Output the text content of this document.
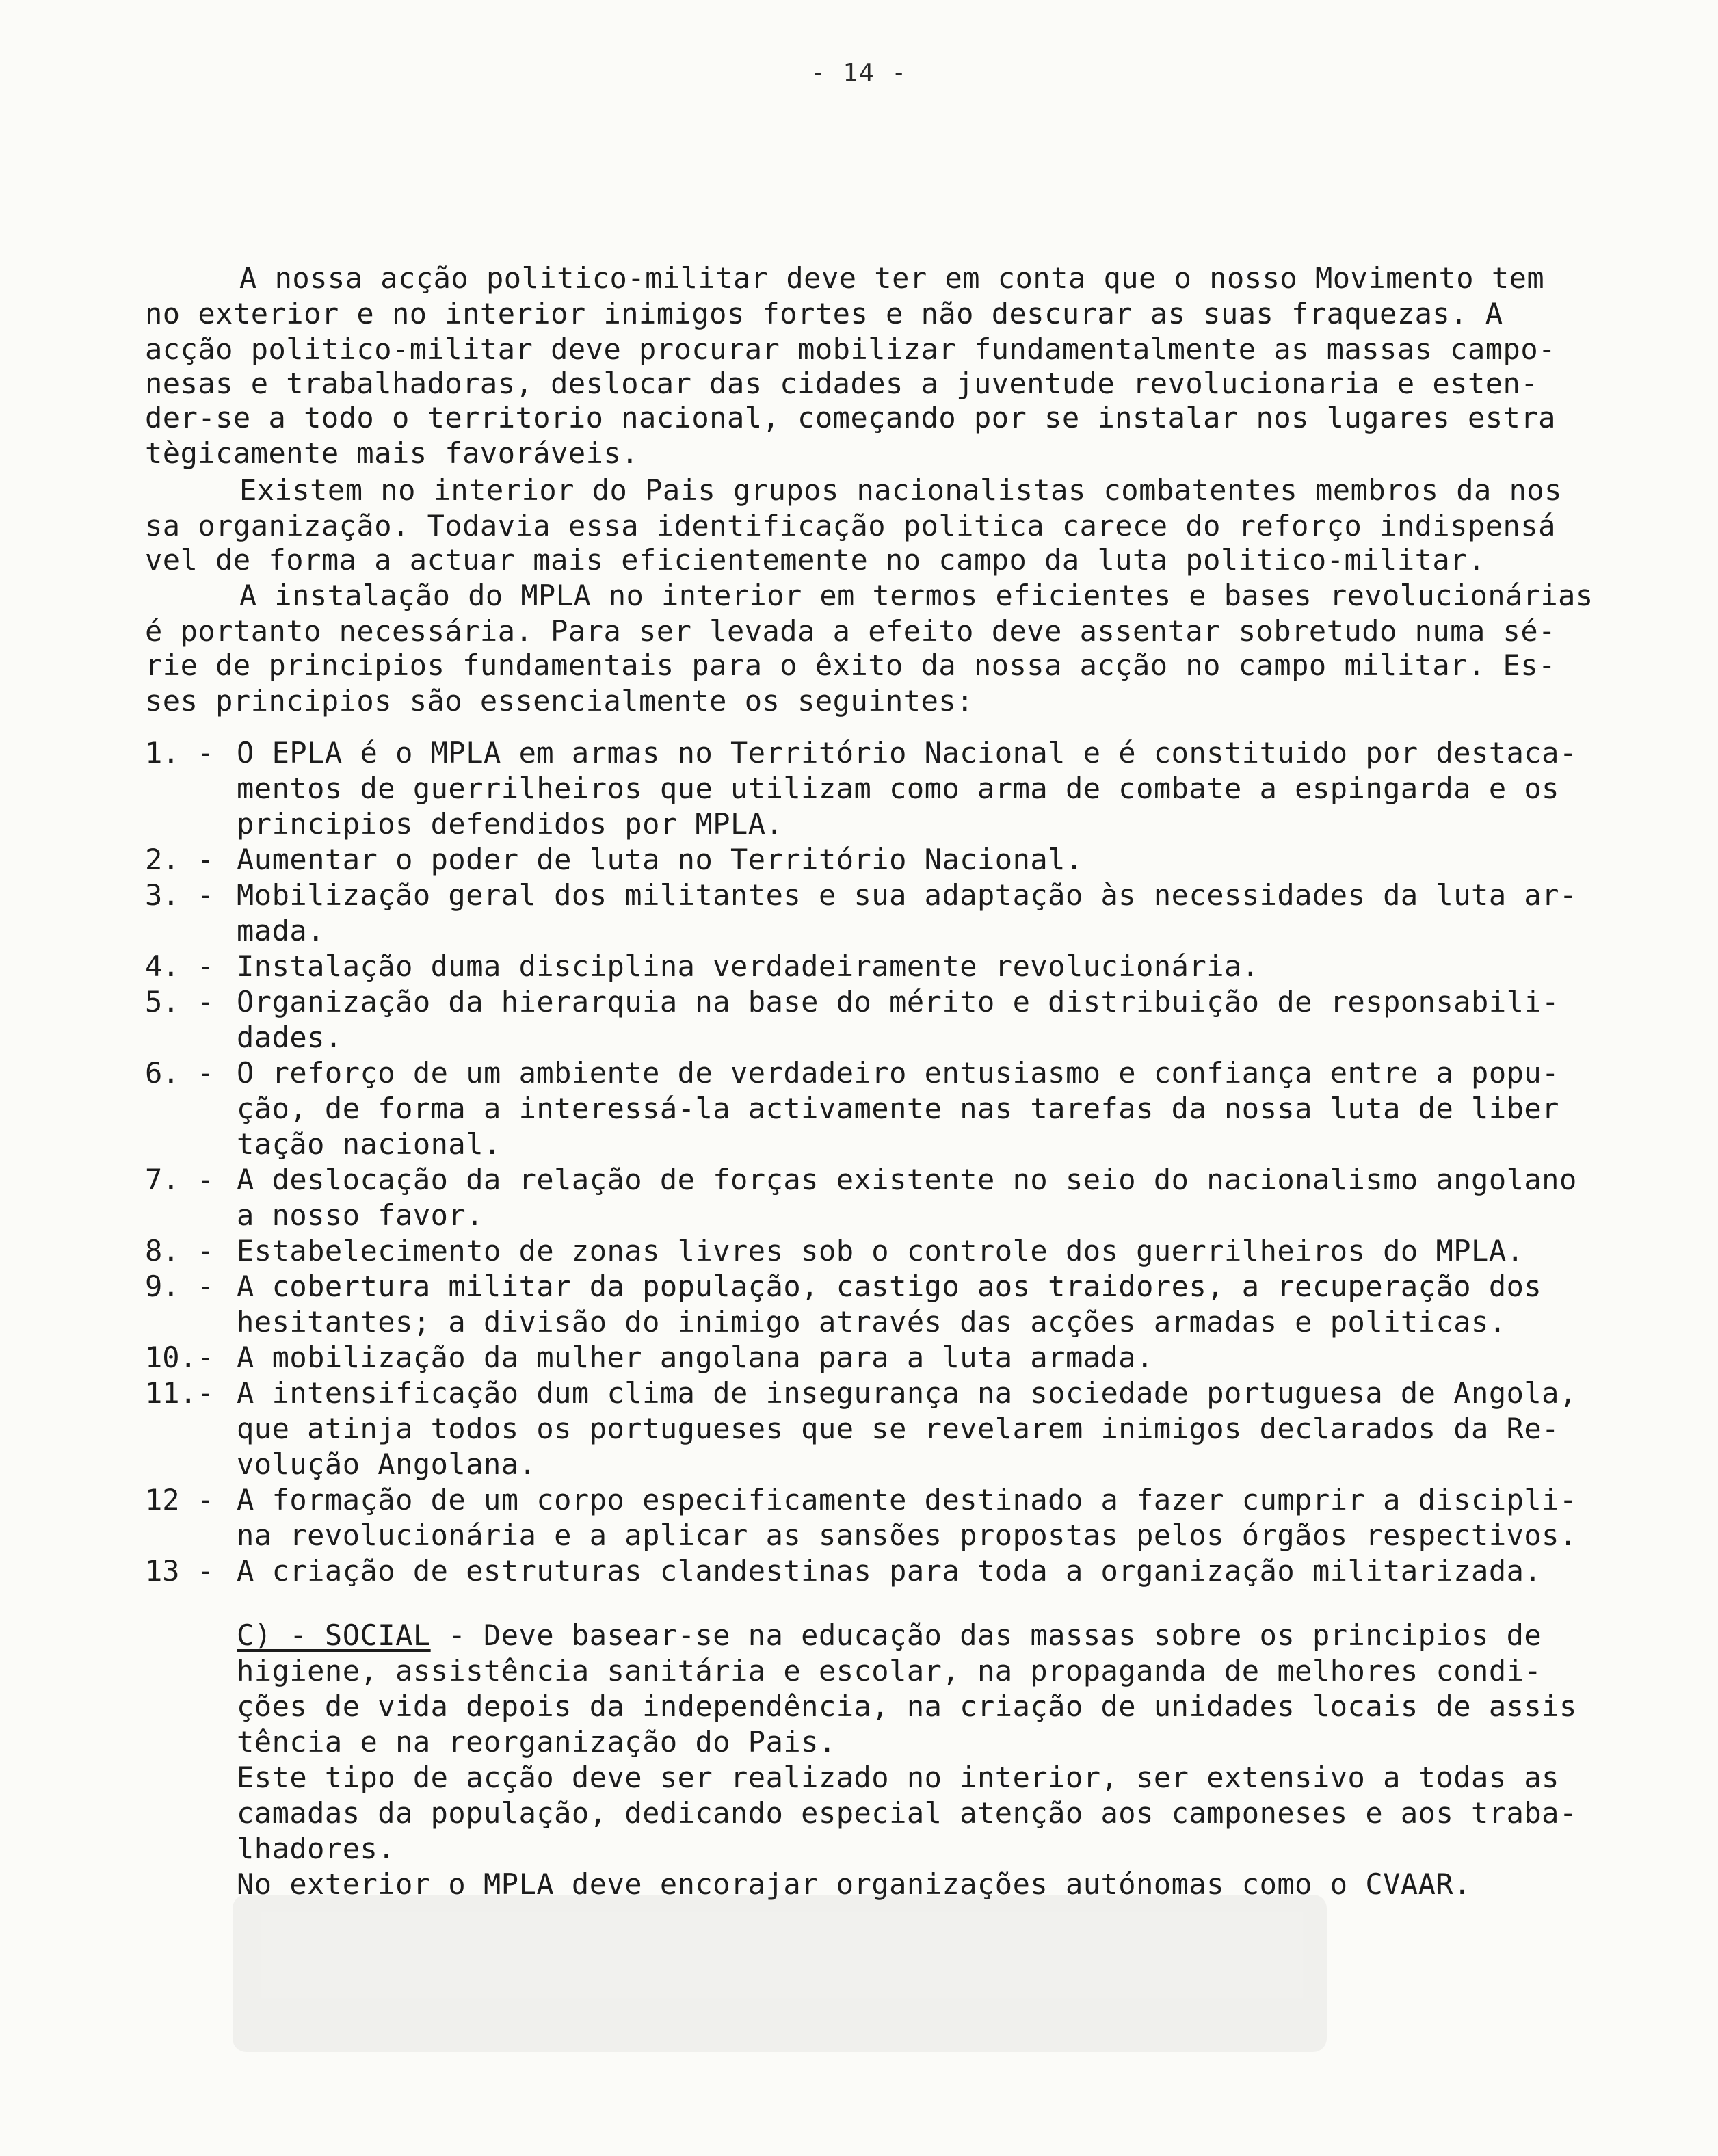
- 14 -
A nossa acção politico-militar deve ter em conta que o nosso Movimento tem
no exterior e no interior inimigos fortes e não descurar as suas fraquezas. A
acção politico-militar deve procurar mobilizar fundamentalmente as massas campo-
nesas e trabalhadoras, deslocar das cidades a juventude revolucionaria e esten-
der-se a todo o territorio nacional, começando por se instalar nos lugares estra
tègicamente mais favoráveis.
Existem no interior do Pais grupos nacionalistas combatentes membros da nos
sa organização. Todavia essa identificação politica carece do reforço indispensá
vel de forma a actuar mais eficientemente no campo da luta politico-militar.
A instalação do MPLA no interior em termos eficientes e bases revolucionárias
é portanto necessária. Para ser levada a efeito deve assentar sobretudo numa sé-
rie de principios fundamentais para o êxito da nossa acção no campo militar. Es-
ses principios são essencialmente os seguintes:
1. - O EPLA é o MPLA em armas no Território Nacional e é constituido por destaca-
mentos de guerrilheiros que utilizam como arma de combate a espingarda e os
principios defendidos por MPLA.
2. - Aumentar o poder de luta no Território Nacional.
3. - Mobilização geral dos militantes e sua adaptação às necessidades da luta ar-
mada.
4. - Instalação duma disciplina verdadeiramente revolucionária.
5. - Organização da hierarquia na base do mérito e distribuição de responsabili-
dades.
6. - O reforço de um ambiente de verdadeiro entusiasmo e confiança entre a popu-
ção, de forma a interessá-la activamente nas tarefas da nossa luta de liber
tação nacional.
7. - A deslocação da relação de forças existente no seio do nacionalismo angolano
a nosso favor.
8. - Estabelecimento de zonas livres sob o controle dos guerrilheiros do MPLA.
9. - A cobertura militar da população, castigo aos traidores, a recuperação dos
hesitantes; a divisão do inimigo através das acções armadas e politicas.
10.- A mobilização da mulher angolana para a luta armada.
11.- A intensificação dum clima de insegurança na sociedade portuguesa de Angola,
que atinja todos os portugueses que se revelarem inimigos declarados da Re-
volução Angolana.
12 - A formação de um corpo especificamente destinado a fazer cumprir a discipli-
na revolucionária e a aplicar as sansões propostas pelos órgãos respectivos.
13 - A criação de estruturas clandestinas para toda a organização militarizada.
C) - SOCIAL - Deve basear-se na educação das massas sobre os principios de
higiene, assistência sanitária e escolar, na propaganda de melhores condi-
ções de vida depois da independência, na criação de unidades locais de assis
tência e na reorganização do Pais.
Este tipo de acção deve ser realizado no interior, ser extensivo a todas as
camadas da população, dedicando especial atenção aos camponeses e aos traba-
lhadores.
No exterior o MPLA deve encorajar organizações autónomas como o CVAAR.
